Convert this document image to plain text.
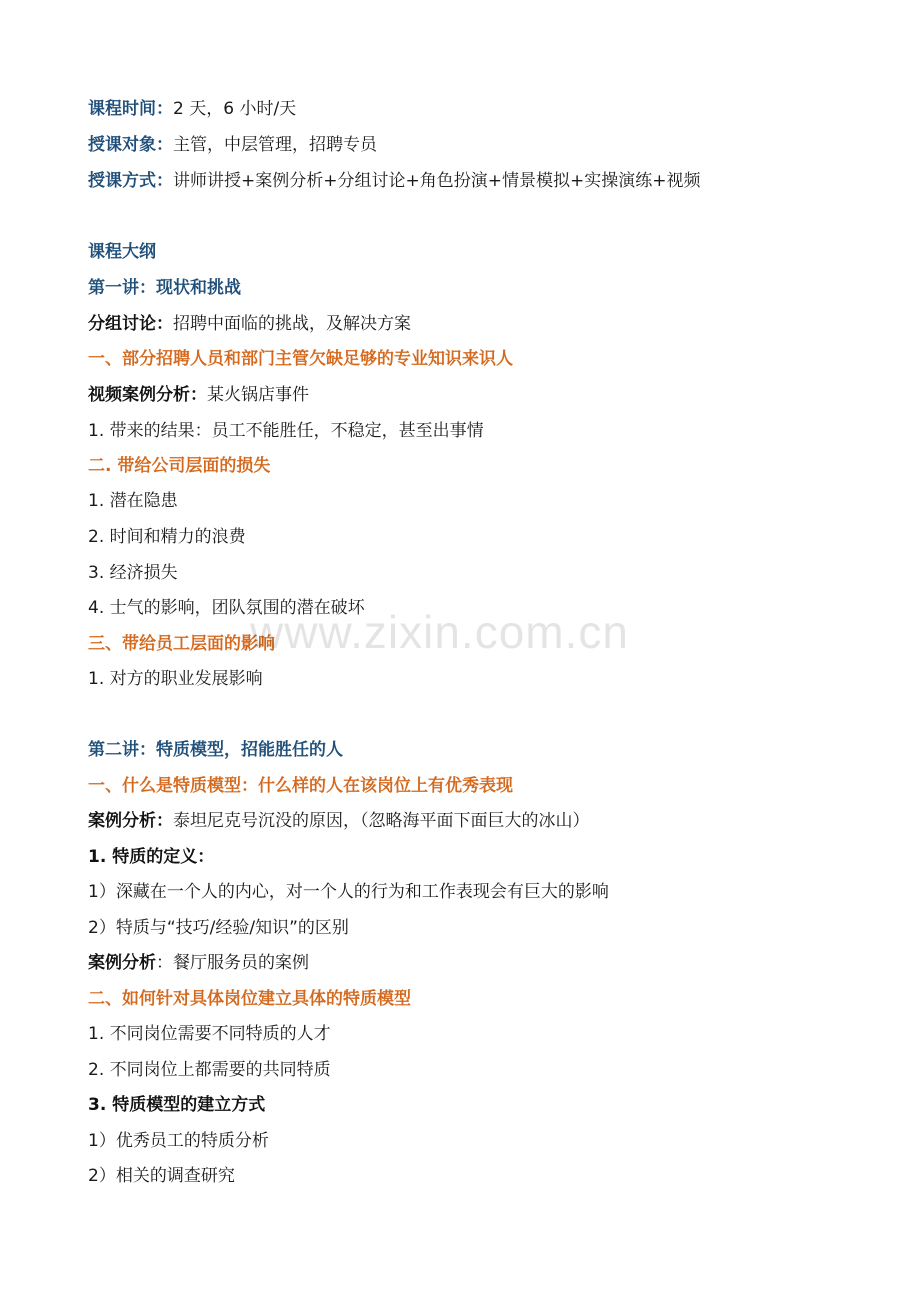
课程时间：2 天，6 小时/天
授课对象：主管，中层管理，招聘专员
授课方式：讲师讲授+案例分析+分组讨论+角色扮演+情景模拟+实操演练+视频
课程大纲
第一讲：现状和挑战
分组讨论：招聘中面临的挑战，及解决方案
一、部分招聘人员和部门主管欠缺足够的专业知识来识人
视频案例分析：某火锅店事件
1. 带来的结果：员工不能胜任，不稳定，甚至出事情
二. 带给公司层面的损失
1. 潜在隐患
2. 时间和精力的浪费
3. 经济损失
4. 士气的影响，团队氛围的潜在破坏
三、带给员工层面的影响
1. 对方的职业发展影响
第二讲：特质模型，招能胜任的人
一、什么是特质模型：什么样的人在该岗位上有优秀表现
案例分析：泰坦尼克号沉没的原因，（忽略海平面下面巨大的冰山）
1. 特质的定义：
1）深藏在一个人的内心，对一个人的行为和工作表现会有巨大的影响
2）特质与“技巧/经验/知识”的区别
案例分析：餐厅服务员的案例
二、如何针对具体岗位建立具体的特质模型
1. 不同岗位需要不同特质的人才
2. 不同岗位上都需要的共同特质
3. 特质模型的建立方式
1）优秀员工的特质分析
2）相关的调查研究
www.zixin.com.cn
